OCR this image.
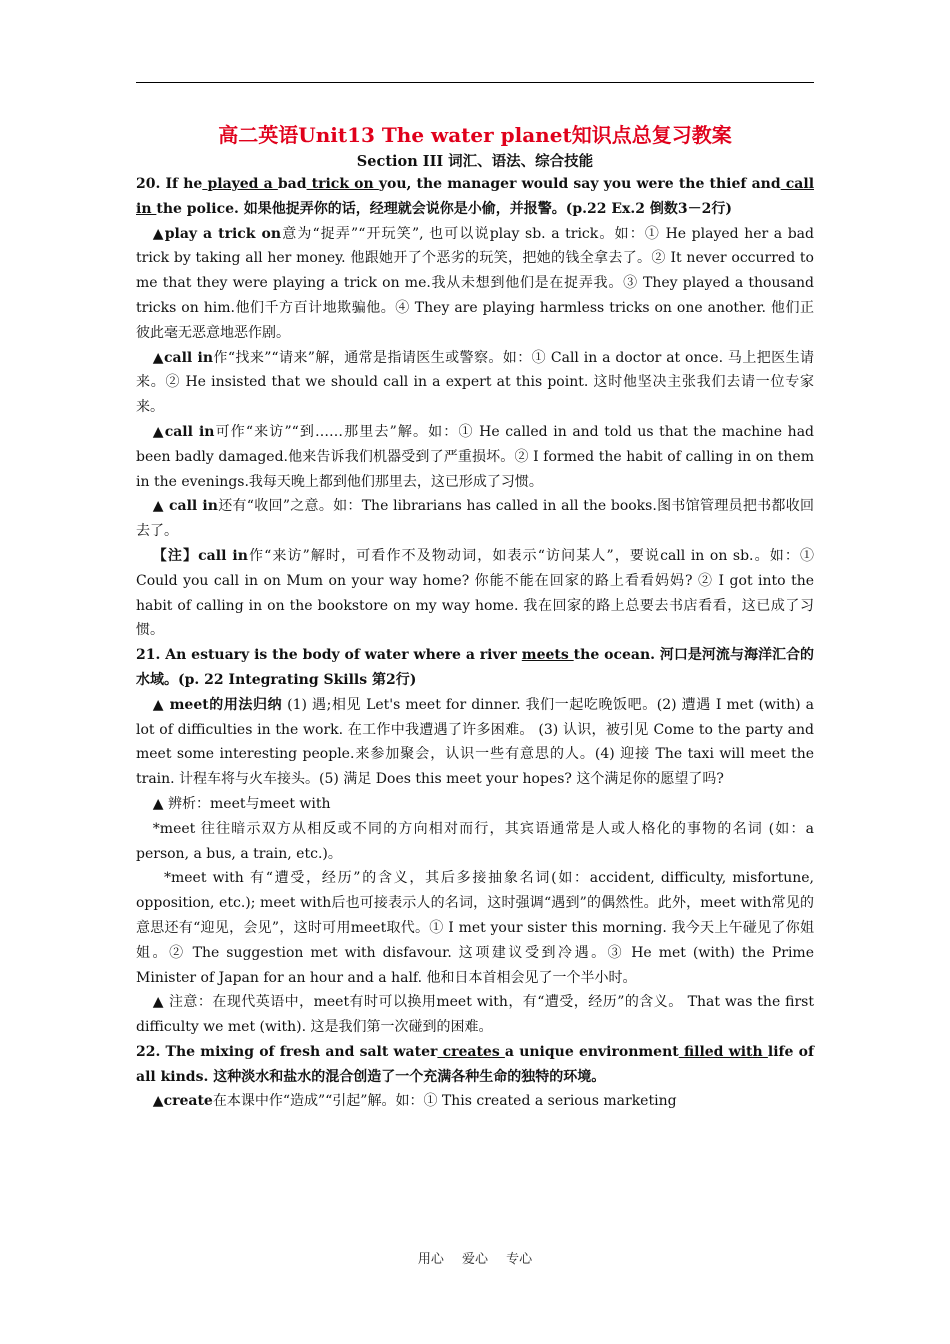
高二英语Unit13 The water planet知识点总复习教案
Section III 词汇、语法、综合技能

20. If he played a bad trick on you, the manager would say you were the thief and call in the police. 如果他捉弄你的话，经理就会说你是小偷，并报警。(p.22 Ex.2 倒数3－2行)

▲play a trick on意为“捉弄”“开玩笑”, 也可以说play sb. a trick。如：① He played her a bad trick by taking all her money. 他跟她开了个恶劣的玩笑，把她的钱全拿去了。② It never occurred to me that they were playing a trick on me.我从未想到他们是在捉弄我。③ They played a thousand tricks on him.他们千方百计地欺骗他。④ They are playing harmless tricks on one another. 他们正彼此毫无恶意地恶作剧。

▲call in作“找来”“请来”解，通常是指请医生或警察。如：① Call in a doctor at once. 马上把医生请来。② He insisted that we should call in a expert at this point. 这时他坚决主张我们去请一位专家来。

▲call in可作“来访”“到……那里去”解。如：① He called in and told us that the machine had been badly damaged.他来告诉我们机器受到了严重损坏。② I formed the habit of calling in on them in the evenings.我每天晚上都到他们那里去，这已形成了习惯。

▲ call in还有“收回”之意。如：The librarians has called in all the books.图书馆管理员把书都收回去了。

【注】call in作“来访”解时，可看作不及物动词，如表示“访问某人”，要说call in on sb.。如：① Could you call in on Mum on your way home? 你能不能在回家的路上看看妈妈? ② I got into the habit of calling in on the bookstore on my way home. 我在回家的路上总要去书店看看，这已成了习惯。

21. An estuary is the body of water where a river meets the ocean. 河口是河流与海洋汇合的水域。(p. 22 Integrating Skills 第2行)

▲ meet的用法归纳 (1) 遇;相见 Let's meet for dinner. 我们一起吃晚饭吧。(2) 遭遇 I met (with) a lot of difficulties in the work. 在工作中我遭遇了许多困难。 (3) 认识，被引见 Come to the party and meet some interesting people.来参加聚会，认识一些有意思的人。(4) 迎接 The taxi will meet the train. 计程车将与火车接头。(5) 满足 Does this meet your hopes? 这个满足你的愿望了吗?

▲ 辨析：meet与meet with

*meet 往往暗示双方从相反或不同的方向相对而行，其宾语通常是人或人格化的事物的名词 (如：a person, a bus, a train, etc.)。

*meet with 有“遭受，经历”的含义，其后多接抽象名词(如：accident, difficulty, misfortune, opposition, etc.); meet with后也可接表示人的名词，这时强调“遇到”的偶然性。此外，meet with常见的意思还有“迎见，会见”，这时可用meet取代。① I met your sister this morning. 我今天上午碰见了你姐姐。② The suggestion met with disfavour. 这项建议受到冷遇。③ He met (with) the Prime Minister of Japan for an hour and a half. 他和日本首相会见了一个半小时。

▲ 注意：在现代英语中，meet有时可以换用meet with，有“遭受，经历”的含义。 That was the first difficulty we met (with). 这是我们第一次碰到的困难。

22. The mixing of fresh and salt water creates a unique environment filled with life of all kinds. 这种淡水和盐水的混合创造了一个充满各种生命的独特的环境。

▲create在本课中作“造成”“引起”解。如：① This created a serious marketing

用心 爱心 专心
